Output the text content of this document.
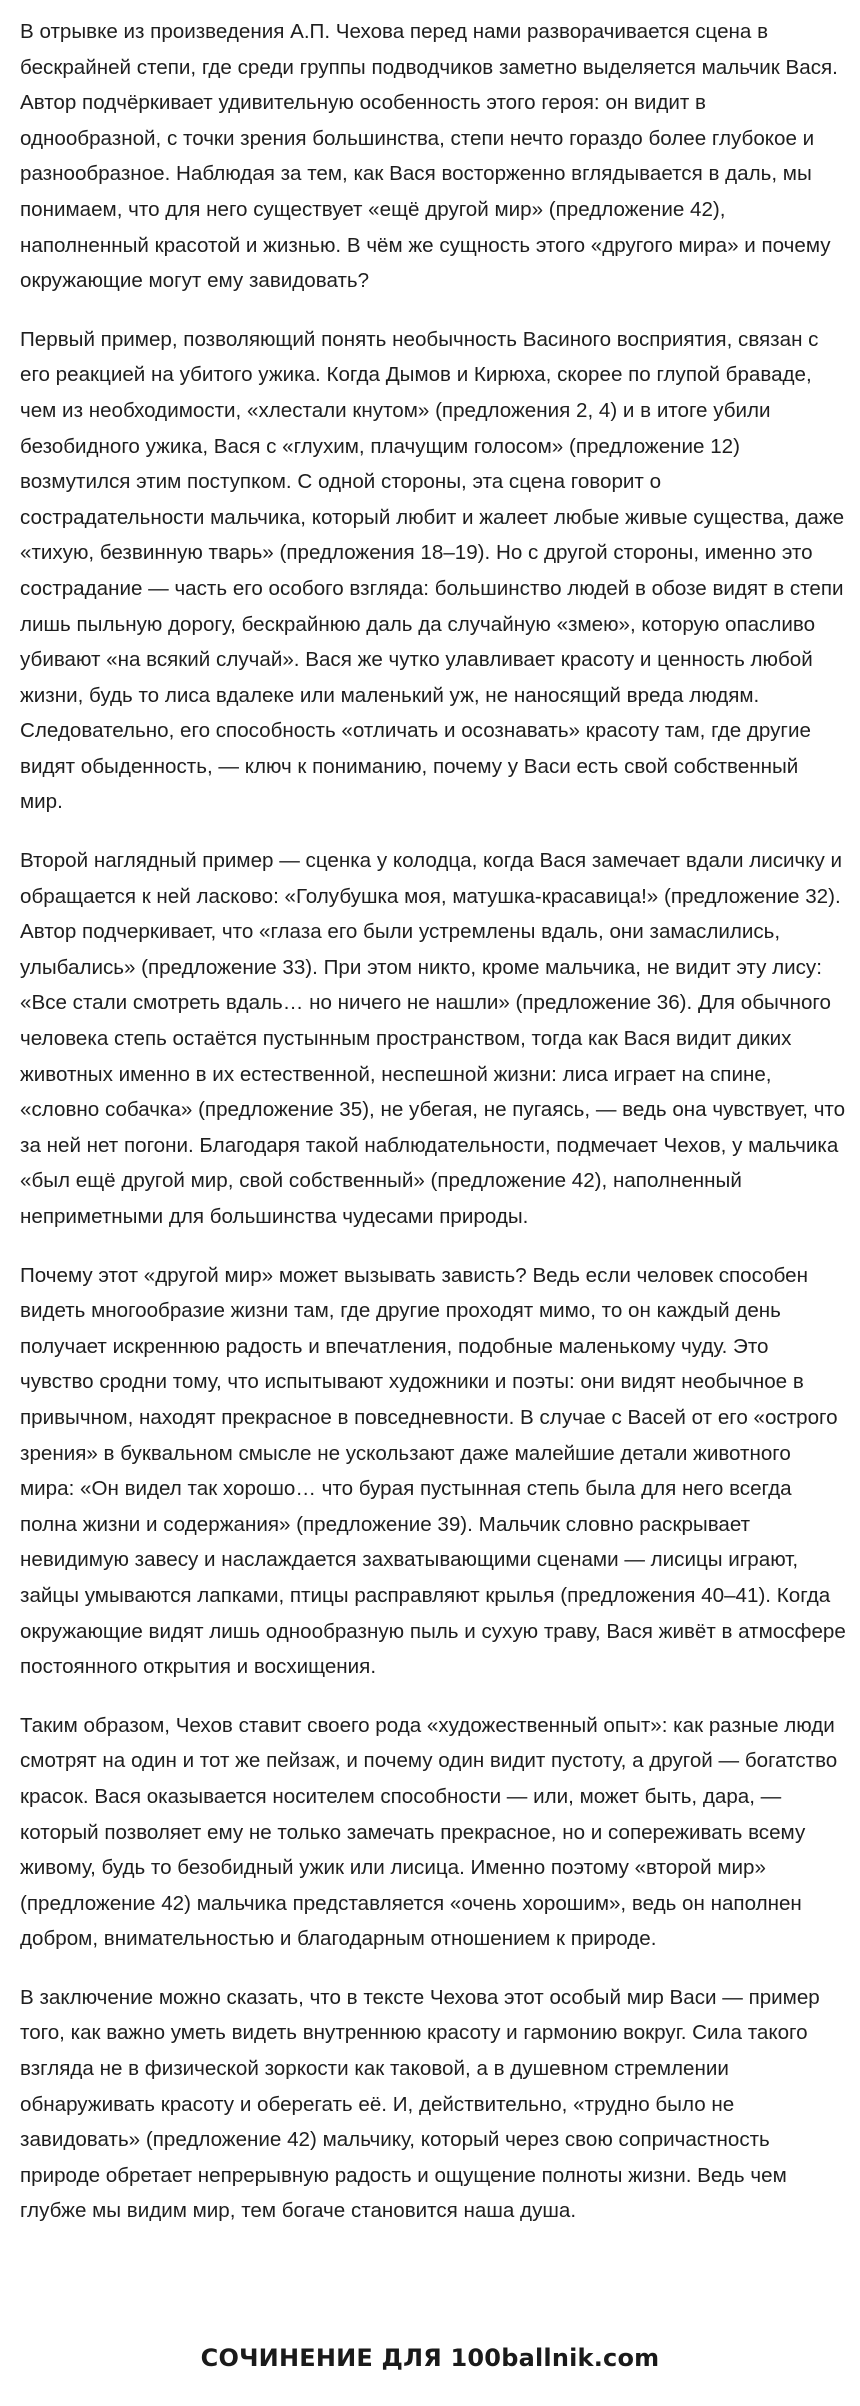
В отрывке из произведения А.П. Чехова перед нами разворачивается сцена в бескрайней степи, где среди группы подводчиков заметно выделяется мальчик Вася. Автор подчёркивает удивительную особенность этого героя: он видит в однообразной, с точки зрения большинства, степи нечто гораздо более глубокое и разнообразное. Наблюдая за тем, как Вася восторженно вглядывается в даль, мы понимаем, что для него существует «ещё другой мир» (предложение 42), наполненный красотой и жизнью. В чём же сущность этого «другого мира» и почему окружающие могут ему завидовать?

Первый пример, позволяющий понять необычность Васиного восприятия, связан с его реакцией на убитого ужика. Когда Дымов и Кирюха, скорее по глупой браваде, чем из необходимости, «хлестали кнутом» (предложения 2, 4) и в итоге убили безобидного ужика, Вася с «глухим, плачущим голосом» (предложение 12) возмутился этим поступком. С одной стороны, эта сцена говорит о сострадательности мальчика, который любит и жалеет любые живые существа, даже «тихую, безвинную тварь» (предложения 18–19). Но с другой стороны, именно это сострадание — часть его особого взгляда: большинство людей в обозе видят в степи лишь пыльную дорогу, бескрайнюю даль да случайную «змею», которую опасливо убивают «на всякий случай». Вася же чутко улавливает красоту и ценность любой жизни, будь то лиса вдалеке или маленький уж, не наносящий вреда людям. Следовательно, его способность «отличать и осознавать» красоту там, где другие видят обыденность, — ключ к пониманию, почему у Васи есть свой собственный мир.

Второй наглядный пример — сценка у колодца, когда Вася замечает вдали лисичку и обращается к ней ласково: «Голубушка моя, матушка-красавица!» (предложение 32). Автор подчеркивает, что «глаза его были устремлены вдаль, они замаслились, улыбались» (предложение 33). При этом никто, кроме мальчика, не видит эту лису: «Все стали смотреть вдаль… но ничего не нашли» (предложение 36). Для обычного человека степь остаётся пустынным пространством, тогда как Вася видит диких животных именно в их естественной, неспешной жизни: лиса играет на спине, «словно собачка» (предложение 35), не убегая, не пугаясь, — ведь она чувствует, что за ней нет погони. Благодаря такой наблюдательности, подмечает Чехов, у мальчика «был ещё другой мир, свой собственный» (предложение 42), наполненный неприметными для большинства чудесами природы.

Почему этот «другой мир» может вызывать зависть? Ведь если человек способен видеть многообразие жизни там, где другие проходят мимо, то он каждый день получает искреннюю радость и впечатления, подобные маленькому чуду. Это чувство сродни тому, что испытывают художники и поэты: они видят необычное в привычном, находят прекрасное в повседневности. В случае с Васей от его «острого зрения» в буквальном смысле не ускользают даже малейшие детали животного мира: «Он видел так хорошо… что бурая пустынная степь была для него всегда полна жизни и содержания» (предложение 39). Мальчик словно раскрывает невидимую завесу и наслаждается захватывающими сценами — лисицы играют, зайцы умываются лапками, птицы расправляют крылья (предложения 40–41). Когда окружающие видят лишь однообразную пыль и сухую траву, Вася живёт в атмосфере постоянного открытия и восхищения.

Таким образом, Чехов ставит своего рода «художественный опыт»: как разные люди смотрят на один и тот же пейзаж, и почему один видит пустоту, а другой — богатство красок. Вася оказывается носителем способности — или, может быть, дара, — который позволяет ему не только замечать прекрасное, но и сопереживать всему живому, будь то безобидный ужик или лисица. Именно поэтому «второй мир» (предложение 42) мальчика представляется «очень хорошим», ведь он наполнен добром, внимательностью и благодарным отношением к природе.

В заключение можно сказать, что в тексте Чехова этот особый мир Васи — пример того, как важно уметь видеть внутреннюю красоту и гармонию вокруг. Сила такого взгляда не в физической зоркости как таковой, а в душевном стремлении обнаруживать красоту и оберегать её. И, действительно, «трудно было не завидовать» (предложение 42) мальчику, который через свою сопричастность природе обретает непрерывную радость и ощущение полноты жизни. Ведь чем глубже мы видим мир, тем богаче становится наша душа.

СОЧИНЕНИЕ ДЛЯ 100ballnik.com
